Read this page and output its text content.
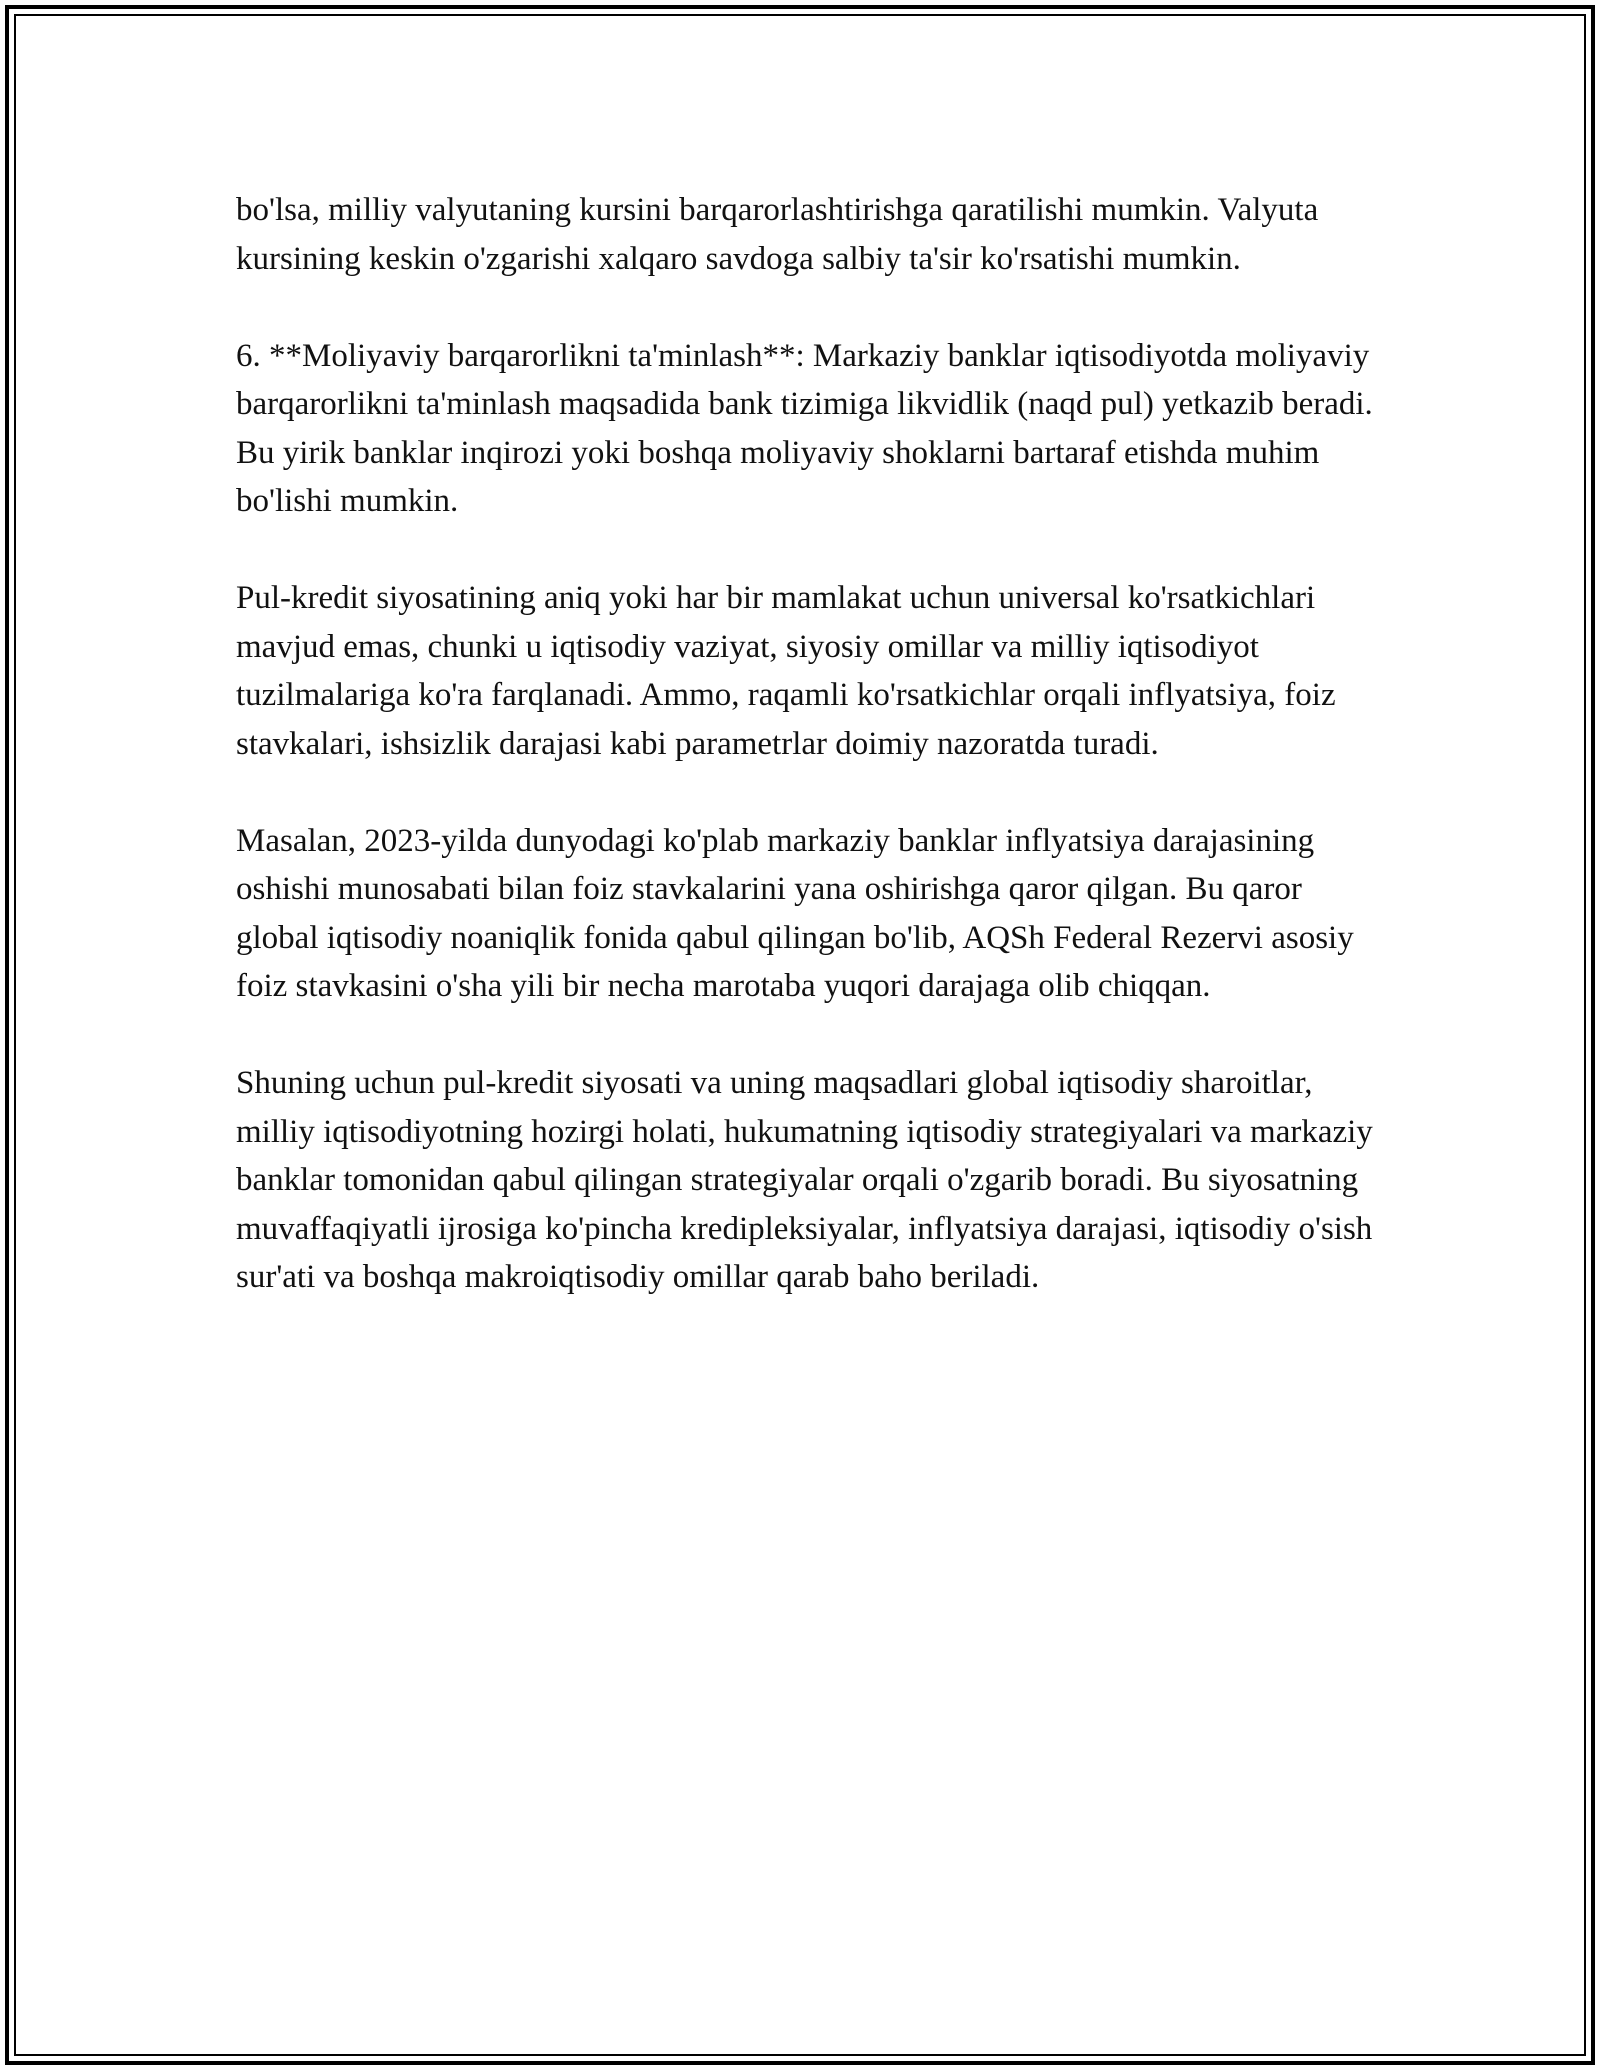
bo'lsa, milliy valyutaning kursini barqarorlashtirishga qaratilishi mumkin. Valyuta kursining keskin o'zgarishi xalqaro savdoga salbiy ta'sir ko'rsatishi mumkin.

6. **Moliyaviy barqarorlikni ta'minlash**: Markaziy banklar iqtisodiyotda moliyaviy barqarorlikni ta'minlash maqsadida bank tizimiga likvidlik (naqd pul) yetkazib beradi. Bu yirik banklar inqirozi yoki boshqa moliyaviy shoklarni bartaraf etishda muhim bo'lishi mumkin.

Pul-kredit siyosatining aniq yoki har bir mamlakat uchun universal ko'rsatkichlari mavjud emas, chunki u iqtisodiy vaziyat, siyosiy omillar va milliy iqtisodiyot tuzilmalariga ko'ra farqlanadi. Ammo, raqamli ko'rsatkichlar orqali inflyatsiya, foiz stavkalari, ishsizlik darajasi kabi parametrlar doimiy nazoratda turadi.

Masalan, 2023-yilda dunyodagi ko'plab markaziy banklar inflyatsiya darajasining oshishi munosabati bilan foiz stavkalarini yana oshirishga qaror qilgan. Bu qaror global iqtisodiy noaniqlik fonida qabul qilingan bo'lib, AQSh Federal Rezervi asosiy foiz stavkasini o'sha yili bir necha marotaba yuqori darajaga olib chiqqan.

Shuning uchun pul-kredit siyosati va uning maqsadlari global iqtisodiy sharoitlar, milliy iqtisodiyotning hozirgi holati, hukumatning iqtisodiy strategiyalari va markaziy banklar tomonidan qabul qilingan strategiyalar orqali o'zgarib boradi. Bu siyosatning muvaffaqiyatli ijrosiga ko'pincha kredipleksiyalar, inflyatsiya darajasi, iqtisodiy o'sish sur'ati va boshqa makroiqtisodiy omillar qarab baho beriladi.
